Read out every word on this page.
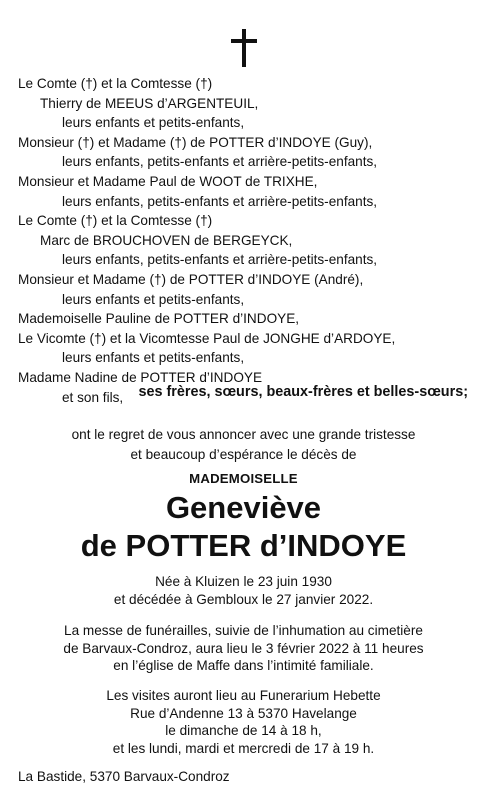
Le Comte (†) et la Comtesse (†)
Thierry de MEEUS d’ARGENTEUIL,
leurs enfants et petits-enfants,
Monsieur (†) et Madame (†) de POTTER d’INDOYE (Guy),
leurs enfants, petits-enfants et arrière-petits-enfants,
Monsieur et Madame Paul de WOOT de TRIXHE,
leurs enfants, petits-enfants et arrière-petits-enfants,
Le Comte (†) et la Comtesse (†)
Marc de BROUCHOVEN de BERGEYCK,
leurs enfants, petits-enfants et arrière-petits-enfants,
Monsieur et Madame (†) de POTTER d’INDOYE (André),
leurs enfants et petits-enfants,
Mademoiselle Pauline de POTTER d’INDOYE,
Le Vicomte (†) et la Vicomtesse Paul de JONGHE d’ARDOYE,
leurs enfants et petits-enfants,
Madame Nadine de POTTER d’INDOYE
et son fils,	ses frères, sœurs, beaux-frères et belles-sœurs;
ont le regret de vous annoncer avec une grande tristesse
et beaucoup d’espérance le décès de
MADEMOISELLE
Geneviève
de POTTER d’INDOYE
Née à Kluizen le 23 juin 1930
et décédée à Gembloux le 27 janvier 2022.
La messe de funérailles, suivie de l’inhumation au cimetière
de Barvaux-Condroz, aura lieu le 3 février 2022 à 11 heures
en l’église de Maffe dans l’intimité familiale.
Les visites auront lieu au Funerarium Hebette
Rue d’Andenne 13 à 5370 Havelange
le dimanche de 14 à 18 h,
et les lundi, mardi et mercredi de 17 à 19 h.
La Bastide, 5370 Barvaux-Condroz
